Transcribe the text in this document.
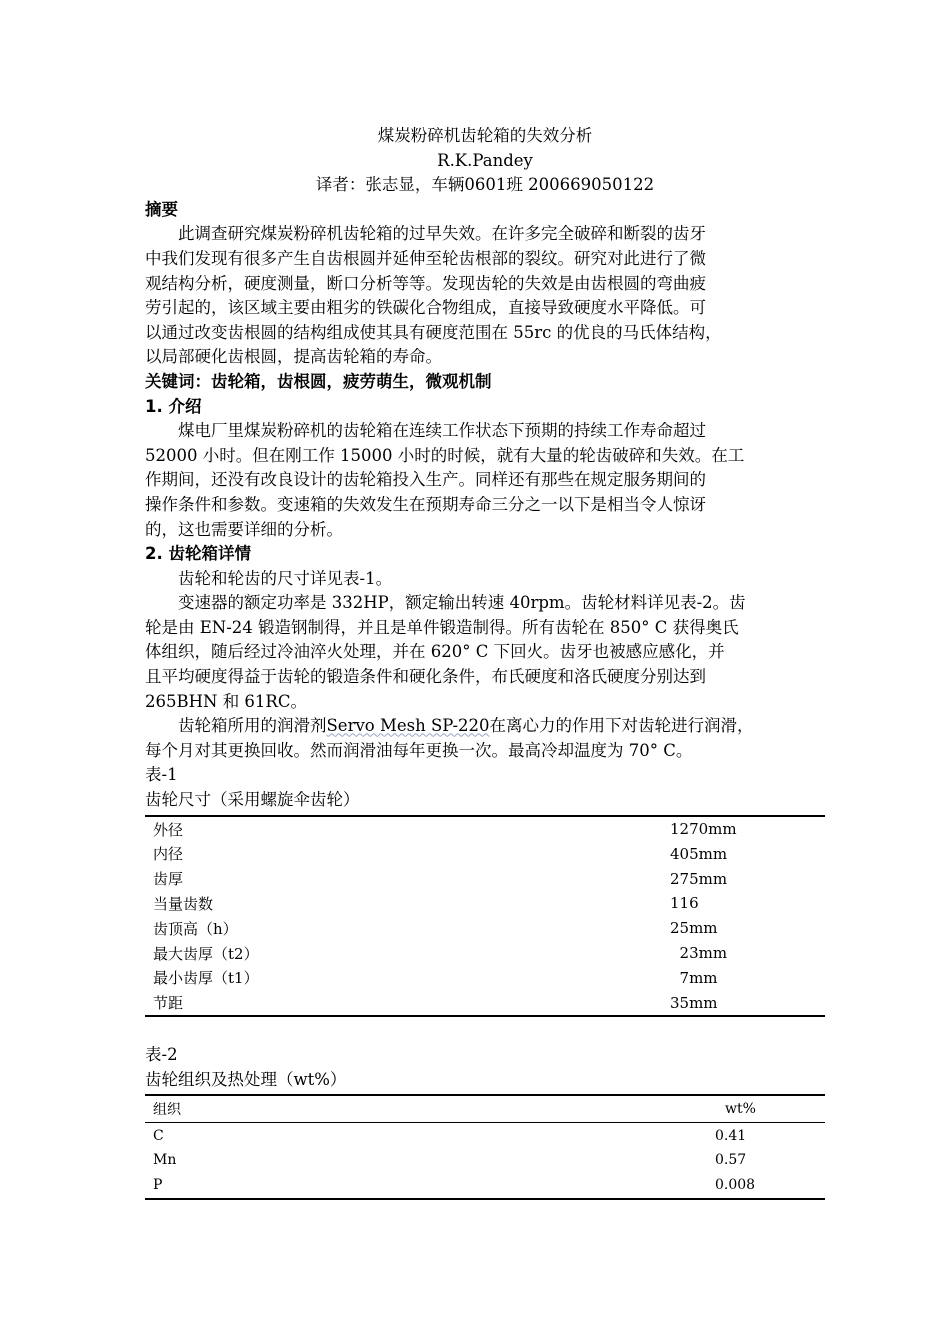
煤炭粉碎机齿轮箱的失效分析
R.K.Pandey
译者：张志显，车辆0601班 200669050122
摘要
此调查研究煤炭粉碎机齿轮箱的过早失效。在许多完全破碎和断裂的齿牙
中我们发现有很多产生自齿根圆并延伸至轮齿根部的裂纹。研究对此进行了微
观结构分析，硬度测量，断口分析等等。发现齿轮的失效是由齿根圆的弯曲疲
劳引起的，该区域主要由粗劣的铁碳化合物组成，直接导致硬度水平降低。可
以通过改变齿根圆的结构组成使其具有硬度范围在 55rc 的优良的马氏体结构，
以局部硬化齿根圆，提高齿轮箱的寿命。
关键词：齿轮箱，齿根圆，疲劳萌生，微观机制
1. 介绍
煤电厂里煤炭粉碎机的齿轮箱在连续工作状态下预期的持续工作寿命超过
52000 小时。但在刚工作 15000 小时的时候，就有大量的轮齿破碎和失效。在工
作期间，还没有改良设计的齿轮箱投入生产。同样还有那些在规定服务期间的
操作条件和参数。变速箱的失效发生在预期寿命三分之一以下是相当令人惊讶
的，这也需要详细的分析。
2. 齿轮箱详情
齿轮和轮齿的尺寸详见表-1。
变速器的额定功率是 332HP，额定输出转速 40rpm。齿轮材料详见表-2。齿
轮是由 EN-24 锻造钢制得，并且是单件锻造制得。所有齿轮在 850° C 获得奥氏
体组织，随后经过冷油淬火处理，并在 620° C 下回火。齿牙也被感应感化，并
且平均硬度得益于齿轮的锻造条件和硬化条件，布氏硬度和洛氏硬度分别达到
265BHN 和 61RC。
齿轮箱所用的润滑剂Servo Mesh SP-220在离心力的作用下对齿轮进行润滑，
每个月对其更换回收。然而润滑油每年更换一次。最高冷却温度为 70° C。
表-1
齿轮尺寸（采用螺旋伞齿轮）
外径	1270mm
内径	405mm
齿厚	275mm
当量齿数	116
齿顶高（h）	25mm
最大齿厚（t2）	23mm
最小齿厚（t1）	7mm
节距	35mm
表-2
齿轮组织及热处理（wt%）
组织	wt%
C	0.41
Mn	0.57
P	0.008
